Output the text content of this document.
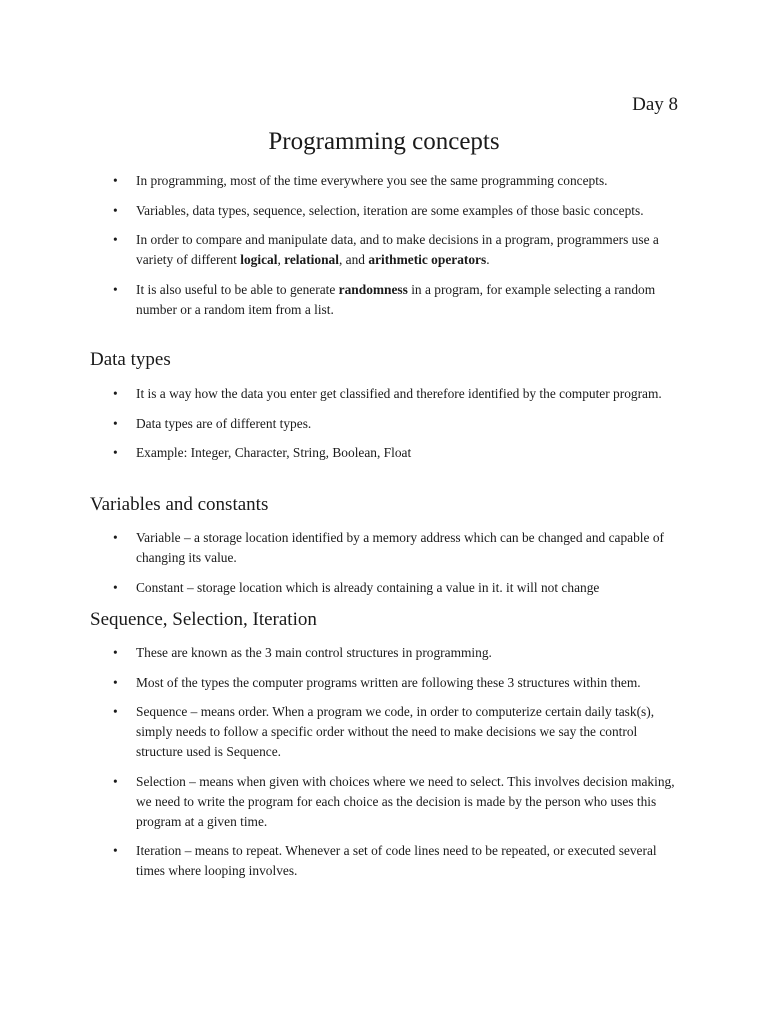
Day 8
Programming concepts
• In programming, most of the time everywhere you see the same programming concepts.
• Variables, data types, sequence, selection, iteration are some examples of those basic concepts.
• In order to compare and manipulate data, and to make decisions in a program, programmers use a variety of different logical, relational, and arithmetic operators.
• It is also useful to be able to generate randomness in a program, for example selecting a random number or a random item from a list.
Data types
• It is a way how the data you enter get classified and therefore identified by the computer program.
• Data types are of different types.
• Example: Integer, Character, String, Boolean, Float
Variables and constants
• Variable – a storage location identified by a memory address which can be changed and capable of changing its value.
• Constant – storage location which is already containing a value in it. it will not change
Sequence, Selection, Iteration
• These are known as the 3 main control structures in programming.
• Most of the types the computer programs written are following these 3 structures within them.
• Sequence – means order. When a program we code, in order to computerize certain daily task(s), simply needs to follow a specific order without the need to make decisions we say the control structure used is Sequence.
• Selection – means when given with choices where we need to select. This involves decision making, we need to write the program for each choice as the decision is made by the person who uses this program at a given time.
• Iteration – means to repeat. Whenever a set of code lines need to be repeated, or executed several times where looping involves.
